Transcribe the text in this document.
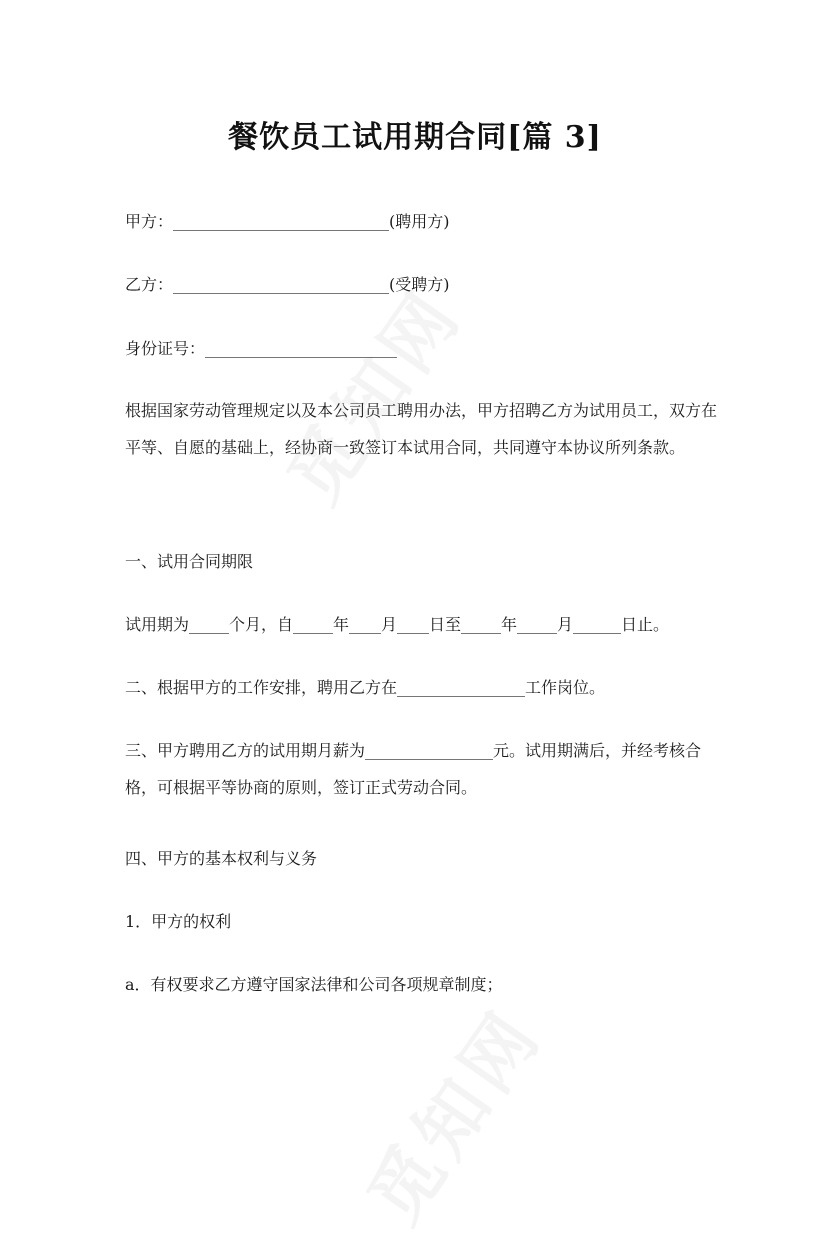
餐饮员工试用期合同[篇 3]

甲方：___________________________(聘用方)

乙方：___________________________(受聘方)

身份证号：________________________

根据国家劳动管理规定以及本公司员工聘用办法，甲方招聘乙方为试用员工，双方在平等、自愿的基础上，经协商一致签订本试用合同，共同遵守本协议所列条款。

一、试用合同期限

试用期为_____个月，自_____年____月____日至_____年_____月______日止。

二、根据甲方的工作安排，聘用乙方在________________工作岗位。

三、甲方聘用乙方的试用期月薪为________________元。试用期满后，并经考核合格，可根据平等协商的原则，签订正式劳动合同。

四、甲方的基本权利与义务

1．甲方的权利

a．有权要求乙方遵守国家法律和公司各项规章制度；
